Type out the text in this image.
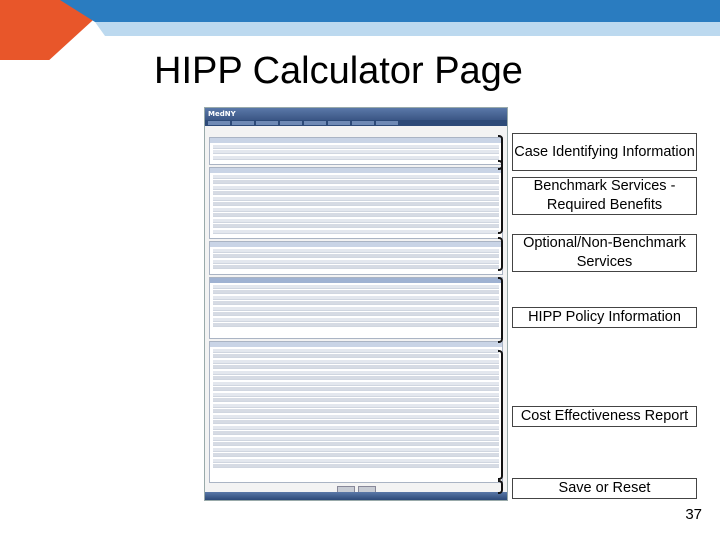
HIPP Calculator Page
MedNY
Case Identifying Information
Benchmark Services - Required Benefits
Optional/Non-Benchmark Services
HIPP Policy Information
Cost Effectiveness Report
Save or Reset
37
